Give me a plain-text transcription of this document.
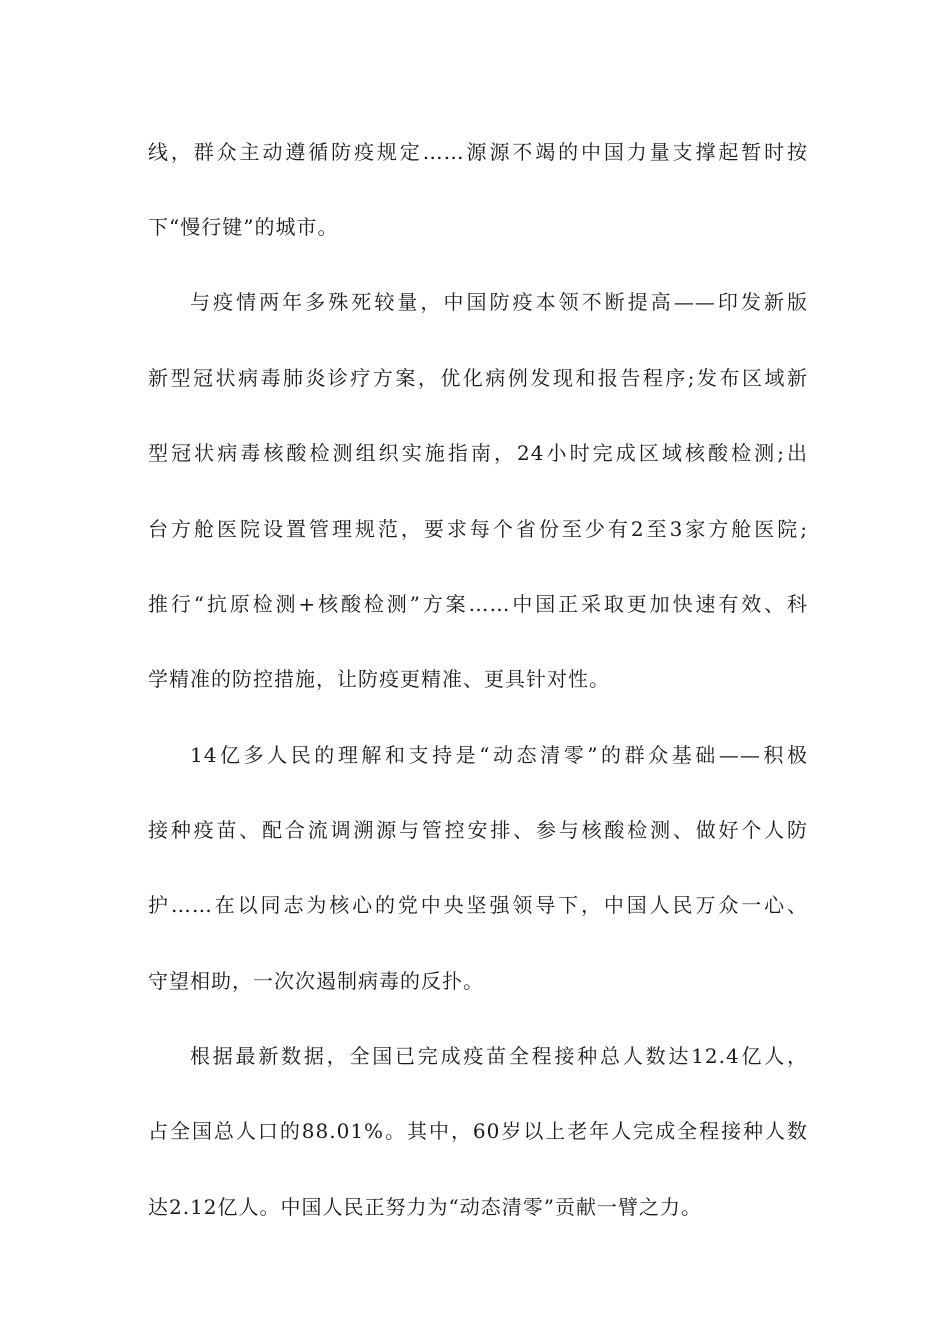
线，群众主动遵循防疫规定……源源不竭的中国力量支撑起暂时按
下“慢行键”的城市。
与疫情两年多殊死较量，中国防疫本领不断提高——印发新版
新型冠状病毒肺炎诊疗方案，优化病例发现和报告程序;发布区域新
型冠状病毒核酸检测组织实施指南，24小时完成区域核酸检测;出
台方舱医院设置管理规范，要求每个省份至少有2至3家方舱医院;
推行“抗原检测+核酸检测”方案……中国正采取更加快速有效、科
学精准的防控措施，让防疫更精准、更具针对性。
14亿多人民的理解和支持是“动态清零”的群众基础——积极
接种疫苗、配合流调溯源与管控安排、参与核酸检测、做好个人防
护……在以同志为核心的党中央坚强领导下，中国人民万众一心、
守望相助，一次次遏制病毒的反扑。
根据最新数据，全国已完成疫苗全程接种总人数达12.4亿人，
占全国总人口的88.01%。其中，60岁以上老年人完成全程接种人数
达2.12亿人。中国人民正努力为“动态清零”贡献一臂之力。
